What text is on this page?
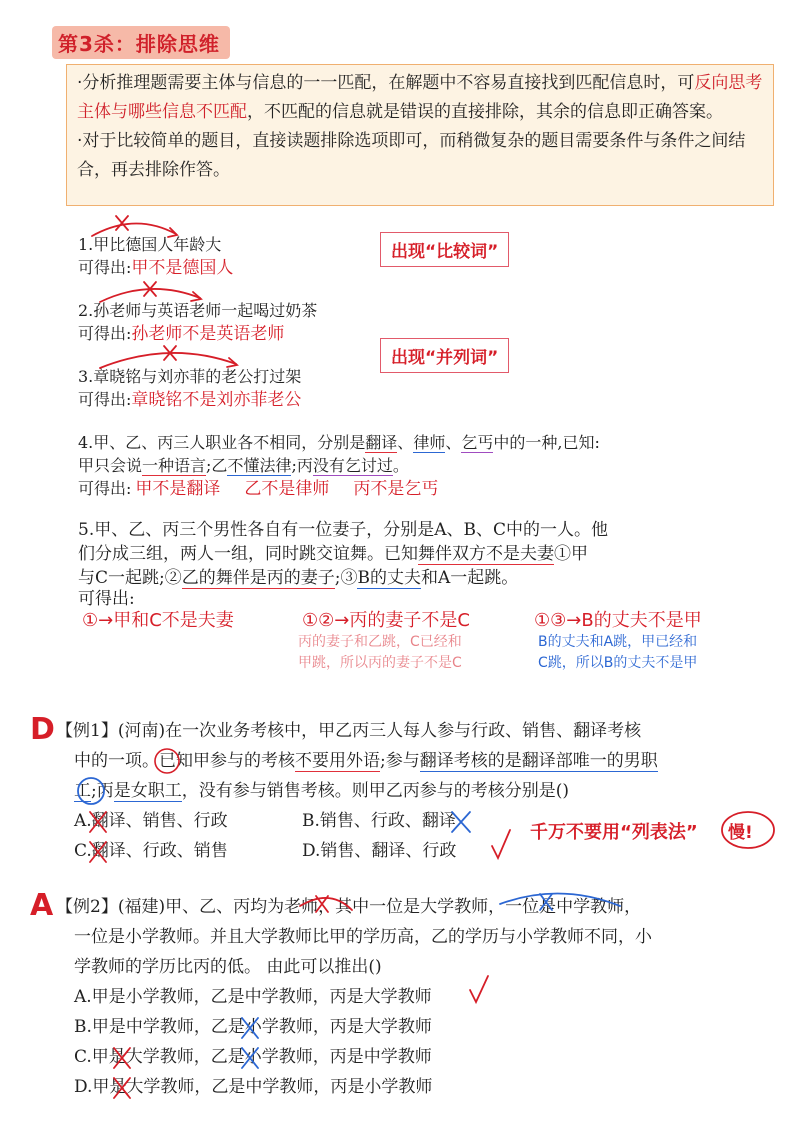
第3杀：排除思维

·分析推理题需要主体与信息的一一匹配，在解题中不容易直接找到匹配信息时，可反向思考主体与哪些信息不匹配，不匹配的信息就是错误的直接排除，其余的信息即正确答案。

·对于比较简单的题目，直接读题排除选项即可，而稍微复杂的题目需要条件与条件之间结合，再去排除作答。

出现“比较词”
出现“并列词”
1.甲比德国人年龄大
可得出:甲不是德国人
2.孙老师与英语老师一起喝过奶茶
可得出:孙老师不是英语老师
3.章晓铭与刘亦菲的老公打过架
可得出:章晓铭不是刘亦菲老公
4.甲、乙、丙三人职业各不相同，分别是翻译、律师、乞丐中的一种,已知:
甲只会说一种语言;乙不懂法律;丙没有乞讨过。
可得出: 甲不是翻译 乙不是律师 丙不是乞丐
5.甲、乙、丙三个男性各自有一位妻子，分别是A、B、C中的一人。他
们分成三组，两人一组，同时跳交谊舞。已知舞伴双方不是夫妻①甲
与C一起跳;②乙的舞伴是丙的妻子;③B的丈夫和A一起跳。
可得出:
①→甲和C不是夫妻	①②→丙的妻子不是C
丙的妻子和乙跳，C已经和
甲跳，所以丙的妻子不是C
①③→B的丈夫不是甲
B的丈夫和A跳，甲已经和
C跳，所以B的丈夫不是甲
D 【例1】(河南)在一次业务考核中，甲乙丙三人每人参与行政、销售、翻译考核
中的一项。已知甲参与的考核不要用外语;参与翻译考核的是翻译部唯一的男职
工;丙是女职工，没有参与销售考核。则甲乙丙参与的考核分别是()
A.翻译、销售、行政	B.销售、行政、翻译
C.翻译、行政、销售	D.销售、翻译、行政
千万不要用“列表法” 慢!
A 【例2】(福建)甲、乙、丙均为老师，其中一位是大学教师，一位是中学教师，
一位是小学教师。并且大学教师比甲的学历高，乙的学历与小学教师不同，小
学教师的学历比丙的低。 由此可以推出()
A.甲是小学教师，乙是中学教师，丙是大学教师
B.甲是中学教师，乙是小学教师，丙是大学教师
C.甲是大学教师，乙是小学教师，丙是中学教师
D.甲是大学教师，乙是中学教师，丙是小学教师
